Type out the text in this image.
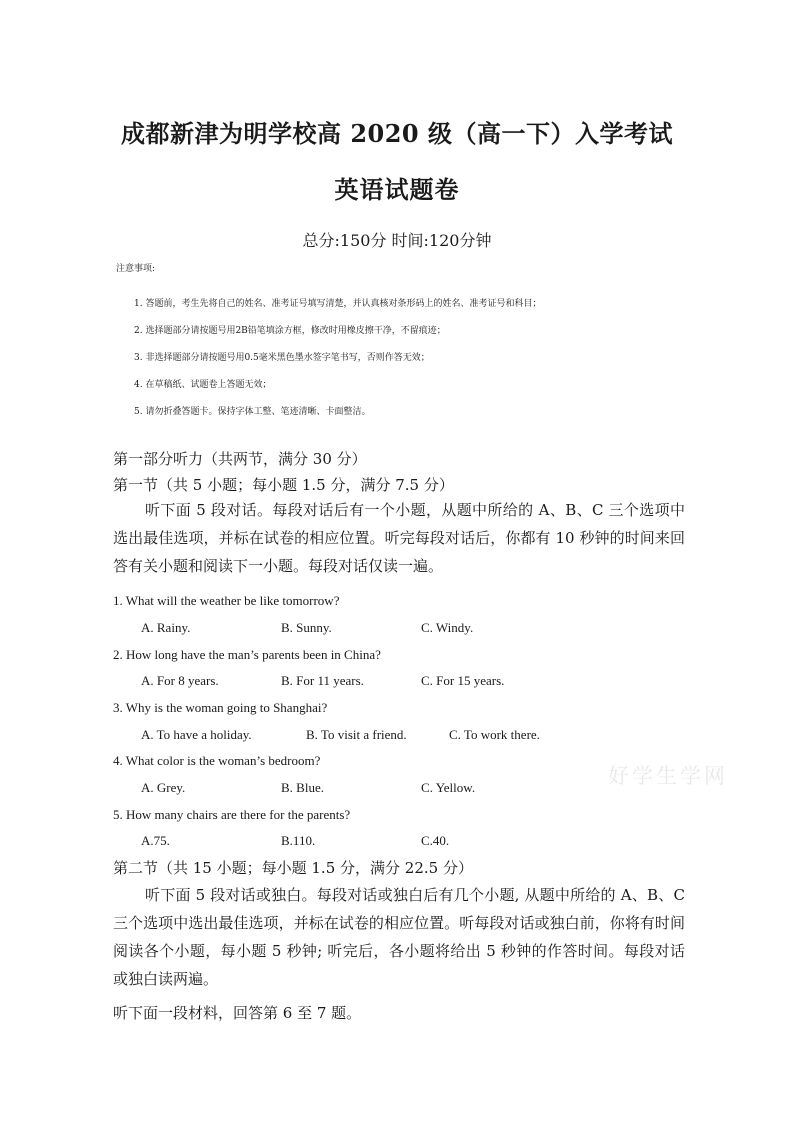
成都新津为明学校高 2020 级（高一下）入学考试
英语试题卷
总分:150分 时间:120分钟
注意事项:
1. 答题前，考生先将自己的姓名、准考证号填写清楚，并认真核对条形码上的姓名、准考证号和科目；
2. 选择题部分请按题号用2B铅笔填涂方框，修改时用橡皮擦干净，不留痕迹；
3. 非选择题部分请按题号用0.5毫米黑色墨水签字笔书写，否则作答无效；
4. 在草稿纸、试题卷上答题无效；
5. 请勿折叠答题卡。保持字体工整、笔迹清晰、卡面整洁。
第一部分听力（共两节，满分 30 分）
第一节（共 5 小题；每小题 1.5 分，满分 7.5 分）
听下面 5 段对话。每段对话后有一个小题，从题中所给的 A、B、C 三个选项中选出最佳选项，并标在试卷的相应位置。听完每段对话后，你都有 10 秒钟的时间来回答有关小题和阅读下一小题。每段对话仅读一遍。
1. What will the weather be like tomorrow?
A. Rainy.	B. Sunny.	C. Windy.
2. How long have the man’s parents been in China?
A. For 8 years.	B. For 11 years.	C. For 15 years.
3. Why is the woman going to Shanghai?
A. To have a holiday.	B. To visit a friend.	C. To work there.
4. What color is the woman’s bedroom?
A. Grey.	B. Blue.	C. Yellow.
5. How many chairs are there for the parents?
A.75.	B.110.	C.40.
第二节（共 15 小题；每小题 1.5 分，满分 22.5 分）
听下面 5 段对话或独白。每段对话或独白后有几个小题, 从题中所给的 A、B、C 三个选项中选出最佳选项，并标在试卷的相应位置。听每段对话或独白前，你将有时间阅读各个小题，每小题 5 秒钟; 听完后，各小题将给出 5 秒钟的作答时间。每段对话或独白读两遍。
听下面一段材料，回答第 6 至 7 题。
好学生学网
